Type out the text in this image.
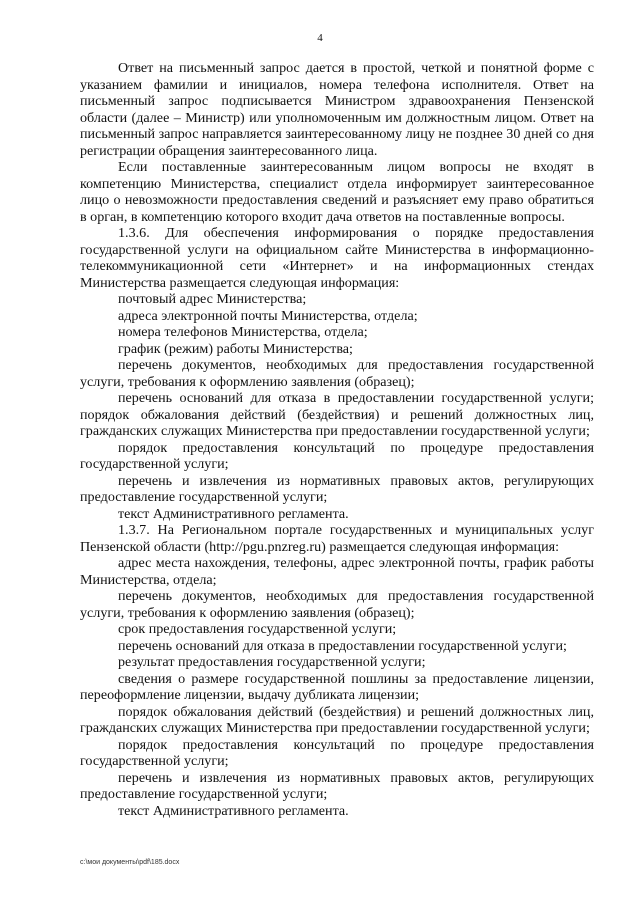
4

Ответ на письменный запрос дается в простой, четкой и понятной форме с указанием фамилии и инициалов, номера телефона исполнителя. Ответ на письменный запрос подписывается Министром здравоохранения Пензенской области (далее – Министр) или уполномоченным им должностным лицом. Ответ на письменный запрос направляется заинтересованному лицу не позднее 30 дней со дня регистрации обращения заинтересованного лица.

Если поставленные заинтересованным лицом вопросы не входят в компетенцию Министерства, специалист отдела информирует заинтересованное лицо о невозможности предоставления сведений и разъясняет ему право обратиться в орган, в компетенцию которого входит дача ответов на поставленные вопросы.

1.3.6. Для обеспечения информирования о порядке предоставления государственной услуги на официальном сайте Министерства в информационно-телекоммуникационной сети «Интернет» и на информационных стендах Министерства размещается следующая информация:

почтовый адрес Министерства;

адреса электронной почты Министерства, отдела;

номера телефонов Министерства, отдела;

график (режим) работы Министерства;

перечень документов, необходимых для предоставления государственной услуги, требования к оформлению заявления (образец);

перечень оснований для отказа в предоставлении государственной услуги; порядок обжалования действий (бездействия) и решений должностных лиц, гражданских служащих Министерства при предоставлении государственной услуги;

порядок предоставления консультаций по процедуре предоставления государственной услуги;

перечень и извлечения из нормативных правовых актов, регулирующих предоставление государственной услуги;

текст Административного регламента.

1.3.7. На Региональном портале государственных и муниципальных услуг Пензенской области (http://pgu.pnzreg.ru) размещается следующая информация:

адрес места нахождения, телефоны, адрес электронной почты, график работы Министерства, отдела;

перечень документов, необходимых для предоставления государственной услуги, требования к оформлению заявления (образец);

срок предоставления государственной услуги;

перечень оснований для отказа в предоставлении государственной услуги;

результат предоставления государственной услуги;

сведения о размере государственной пошлины за предоставление лицензии, переоформление лицензии, выдачу дубликата лицензии;

порядок обжалования действий (бездействия) и решений должностных лиц, гражданских служащих Министерства при предоставлении государственной услуги;

порядок предоставления консультаций по процедуре предоставления государственной услуги;

перечень и извлечения из нормативных правовых актов, регулирующих предоставление государственной услуги;

текст Административного регламента.

c:\мои документы\pdf\185.docx
